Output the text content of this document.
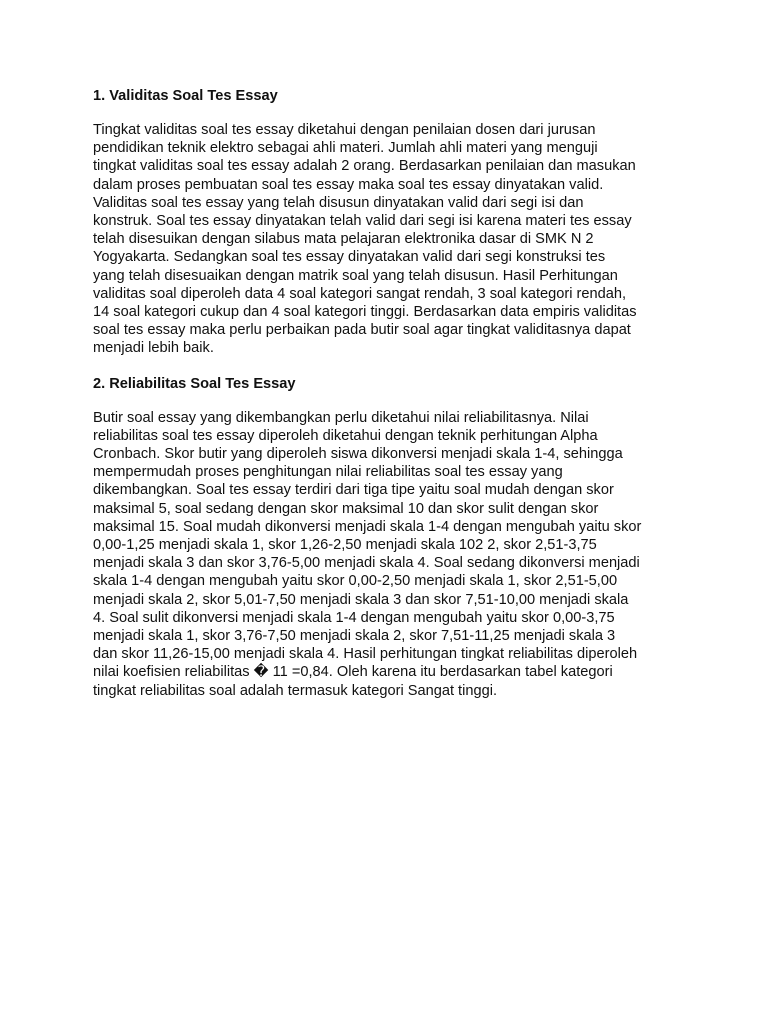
1. Validitas Soal Tes Essay

Tingkat validitas soal tes essay diketahui dengan penilaian dosen dari jurusan
pendidikan teknik elektro sebagai ahli materi. Jumlah ahli materi yang menguji
tingkat validitas soal tes essay adalah 2 orang. Berdasarkan penilaian dan masukan
dalam proses pembuatan soal tes essay maka soal tes essay dinyatakan valid.
Validitas soal tes essay yang telah disusun dinyatakan valid dari segi isi dan
konstruk. Soal tes essay dinyatakan telah valid dari segi isi karena materi tes essay
telah disesuikan dengan silabus mata pelajaran elektronika dasar di SMK N 2
Yogyakarta. Sedangkan soal tes essay dinyatakan valid dari segi konstruksi tes
yang telah disesuaikan dengan matrik soal yang telah disusun. Hasil Perhitungan
validitas soal diperoleh data 4 soal kategori sangat rendah, 3 soal kategori rendah,
14 soal kategori cukup dan 4 soal kategori tinggi. Berdasarkan data empiris validitas
soal tes essay maka perlu perbaikan pada butir soal agar tingkat validitasnya dapat
menjadi lebih baik.

2. Reliabilitas Soal Tes Essay

Butir soal essay yang dikembangkan perlu diketahui nilai reliabilitasnya. Nilai
reliabilitas soal tes essay diperoleh diketahui dengan teknik perhitungan Alpha
Cronbach. Skor butir yang diperoleh siswa dikonversi menjadi skala 1-4, sehingga
mempermudah proses penghitungan nilai reliabilitas soal tes essay yang
dikembangkan. Soal tes essay terdiri dari tiga tipe yaitu soal mudah dengan skor
maksimal 5, soal sedang dengan skor maksimal 10 dan skor sulit dengan skor
maksimal 15. Soal mudah dikonversi menjadi skala 1-4 dengan mengubah yaitu skor
0,00-1,25 menjadi skala 1, skor 1,26-2,50 menjadi skala 102 2, skor 2,51-3,75
menjadi skala 3 dan skor 3,76-5,00 menjadi skala 4. Soal sedang dikonversi menjadi
skala 1-4 dengan mengubah yaitu skor 0,00-2,50 menjadi skala 1, skor 2,51-5,00
menjadi skala 2, skor 5,01-7,50 menjadi skala 3 dan skor 7,51-10,00 menjadi skala
4. Soal sulit dikonversi menjadi skala 1-4 dengan mengubah yaitu skor 0,00-3,75
menjadi skala 1, skor 3,76-7,50 menjadi skala 2, skor 7,51-11,25 menjadi skala 3
dan skor 11,26-15,00 menjadi skala 4. Hasil perhitungan tingkat reliabilitas diperoleh
nilai koefisien reliabilitas � 11 =0,84. Oleh karena itu berdasarkan tabel kategori
tingkat reliabilitas soal adalah termasuk kategori Sangat tinggi.
